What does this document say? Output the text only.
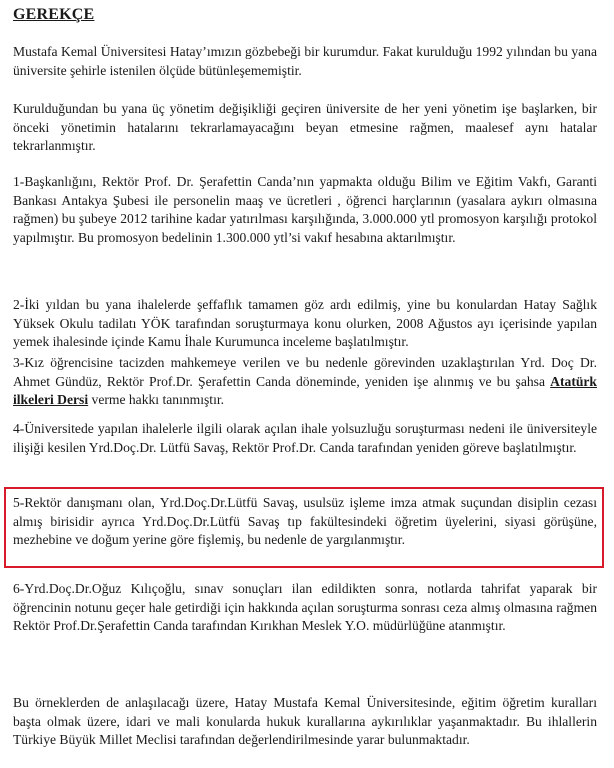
GEREKÇE

Mustafa Kemal Üniversitesi Hatay’ımızın gözbebeği bir kurumdur. Fakat kurulduğu 1992 yılından bu yana üniversite şehirle istenilen ölçüde bütünleşememiştir.

Kurulduğundan bu yana üç yönetim değişikliği geçiren üniversite de her yeni yönetim işe başlarken, bir önceki yönetimin hatalarını tekrarlamayacağını beyan etmesine rağmen, maalesef aynı hatalar tekrarlanmıştır.

1-Başkanlığını, Rektör Prof. Dr. Şerafettin Canda’nın yapmakta olduğu Bilim ve Eğitim Vakfı, Garanti Bankası Antakya Şubesi ile personelin maaş ve ücretleri , öğrenci harçlarının (yasalara aykırı olmasına rağmen) bu şubeye 2012 tarihine kadar yatırılması karşılığında, 3.000.000 ytl promosyon karşılığı protokol yapılmıştır. Bu promosyon bedelinin 1.300.000 ytl’si vakıf hesabına aktarılmıştır.

2-İki yıldan bu yana ihalelerde şeffaflık tamamen göz ardı edilmiş, yine bu konulardan Hatay Sağlık Yüksek Okulu tadilatı YÖK tarafından soruşturmaya konu olurken, 2008 Ağustos ayı içerisinde yapılan yemek ihalesinde içinde Kamu İhale Kurumunca inceleme başlatılmıştır.

3-Kız öğrencisine tacizden mahkemeye verilen ve bu nedenle görevinden uzaklaştırılan Yrd. Doç Dr. Ahmet Gündüz, Rektör Prof.Dr. Şerafettin Canda döneminde, yeniden işe alınmış ve bu şahsa Atatürk ilkeleri Dersi verme hakkı tanınmıştır.

4-Üniversitede yapılan ihalelerle ilgili olarak açılan ihale yolsuzluğu soruşturması nedeni ile üniversiteyle ilişiği kesilen Yrd.Doç.Dr. Lütfü Savaş, Rektör Prof.Dr. Canda tarafından yeniden göreve başlatılmıştır.

5-Rektör danışmanı olan, Yrd.Doç.Dr.Lütfü Savaş, usulsüz işleme imza atmak suçundan disiplin cezası almış birisidir ayrıca Yrd.Doç.Dr.Lütfü Savaş tıp fakültesindeki öğretim üyelerini, siyasi görüşüne, mezhebine ve doğum yerine göre fişlemiş, bu nedenle de yargılanmıştır.

6-Yrd.Doç.Dr.Oğuz Kılıçoğlu, sınav sonuçları ilan edildikten sonra, notlarda tahrifat yaparak bir öğrencinin notunu geçer hale getirdiği için hakkında açılan soruşturma sonrası ceza almış olmasına rağmen Rektör Prof.Dr.Şerafettin Canda tarafından Kırıkhan Meslek Y.O. müdürlüğüne atanmıştır.

Bu örneklerden de anlaşılacağı üzere, Hatay Mustafa Kemal Üniversitesinde, eğitim öğretim kuralları başta olmak üzere, idari ve mali konularda hukuk kurallarına aykırılıklar yaşanmaktadır. Bu ihlallerin Türkiye Büyük Millet Meclisi tarafından değerlendirilmesinde yarar bulunmaktadır.
